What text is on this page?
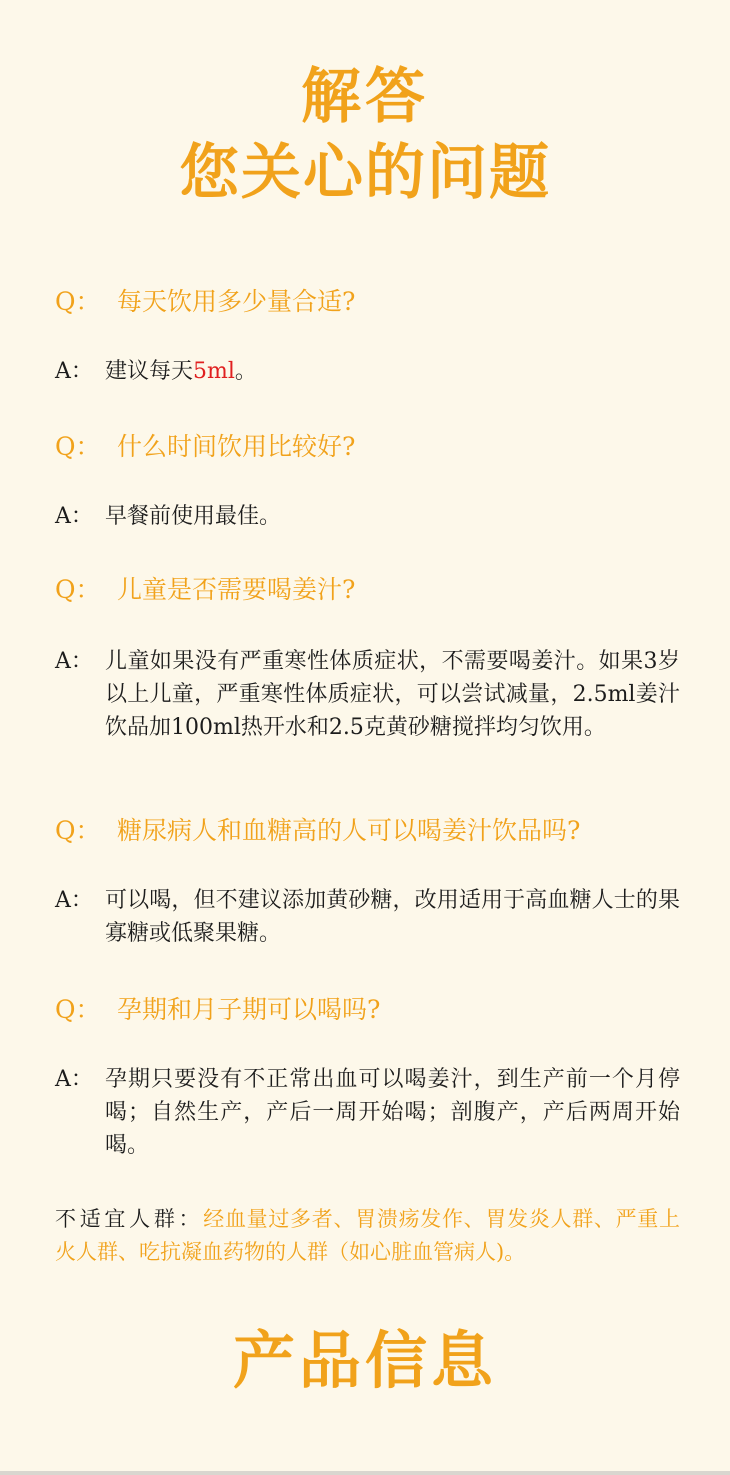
解答
您关心的问题
Q： 每天饮用多少量合适?
A： 建议每天5ml。
Q： 什么时间饮用比较好?
A： 早餐前使用最佳。
Q： 儿童是否需要喝姜汁?
A： 儿童如果没有严重寒性体质症状，不需要喝姜汁。如果3岁以上儿童，严重寒性体质症状，可以尝试减量，2.5ml姜汁饮品加100ml热开水和2.5克黄砂糖搅拌均匀饮用。
Q： 糖尿病人和血糖高的人可以喝姜汁饮品吗?
A： 可以喝，但不建议添加黄砂糖，改用适用于高血糖人士的果寡糖或低聚果糖。
Q： 孕期和月子期可以喝吗?
A： 孕期只要没有不正常出血可以喝姜汁，到生产前一个月停喝；自然生产，产后一周开始喝；剖腹产，产后两周开始喝。
不适宜人群：经血量过多者、胃溃疡发作、胃发炎人群、严重上火人群、吃抗凝血药物的人群（如心脏血管病人)。
产品信息
